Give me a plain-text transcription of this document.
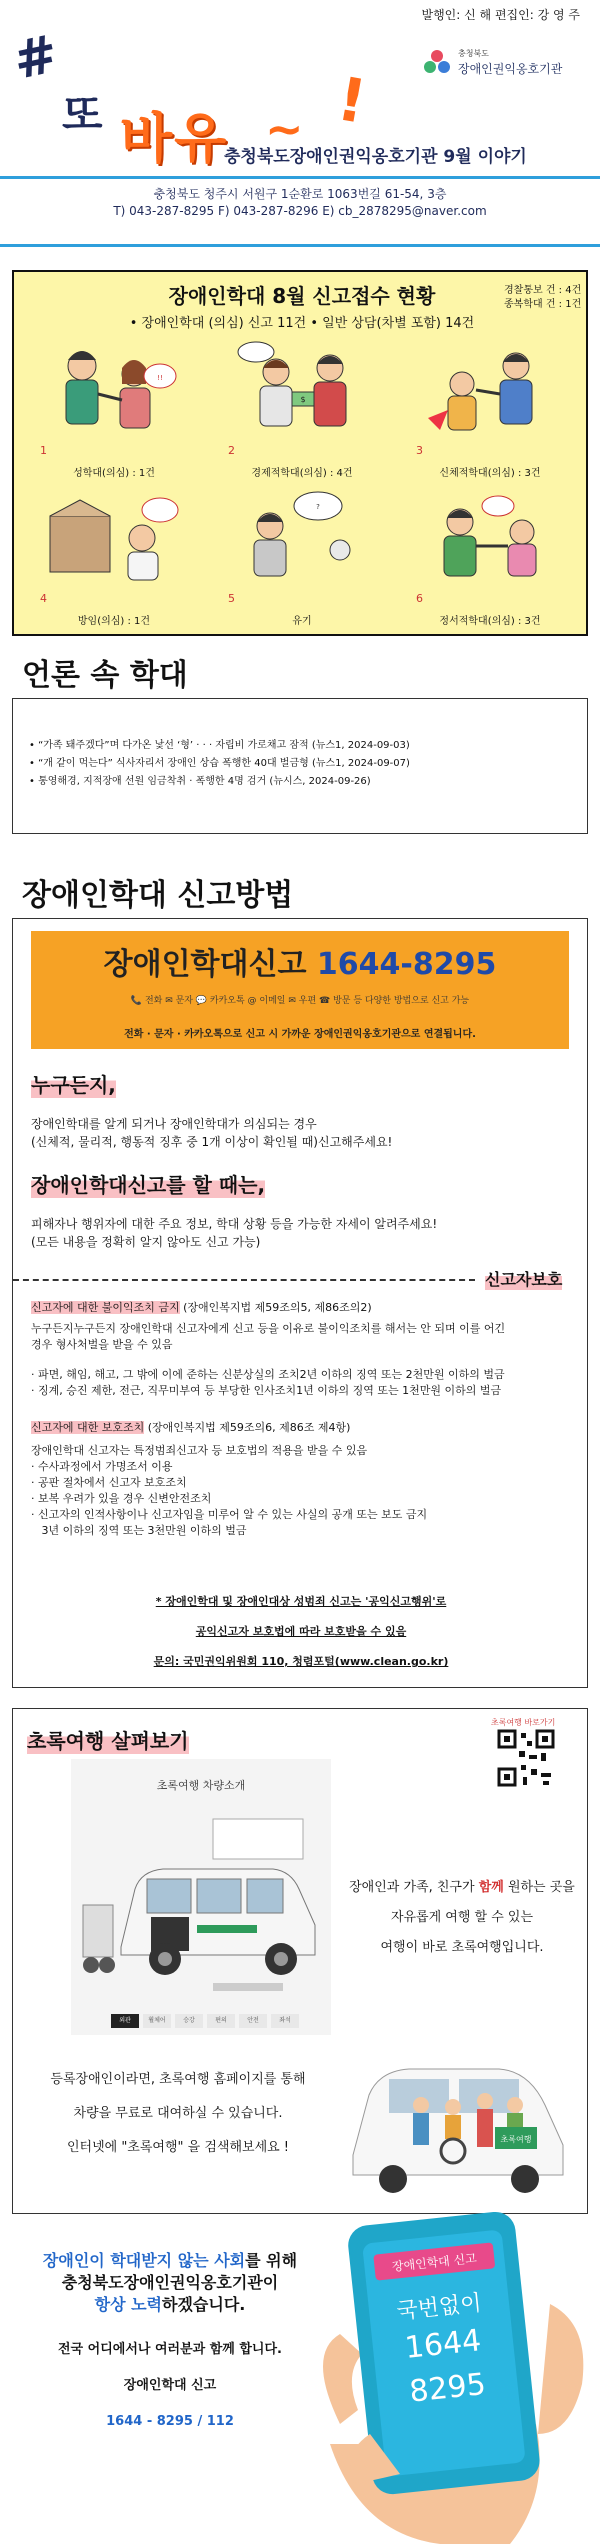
발행인: 신 해 편집인: 강 영 주
#
또 바유 ~ !
충청북도
장애인권익옹호기관
충청북도장애인권익옹호기관 9월 이야기
충청북도 청주시 서원구 1순환로 1063번길 61-54, 3층
T) 043-287-8295 F) 043-287-8296 E) cb_2878295@naver.com
장애인학대 8월 신고접수 현황	경찰통보 건 : 4건
종복학대 건 : 1건
• 장애인학대 (의심) 신고 11건 • 일반 상담(차별 포함) 14건
!!
1
성학대(의심) : 1건
$
2
경제적학대(의심) : 4건
3
신체적학대(의심) : 3건
4
방임(의심) : 1건
?
5
유기
6
정서적학대(의심) : 3건
언론 속 학대
• “가족 돼주겠다”며 다가온 낯선 ‘형’ · · · 자립비 가로채고 잠적 (뉴스1, 2024-09-03)
• “개 같이 먹는다” 식사자리서 장애인 상습 폭행한 40대 벌금형 (뉴스1, 2024-09-07)
• 통영해경, 지적장애 선원 임금착취 · 폭행한 4명 검거 (뉴시스, 2024-09-26)
장애인학대 신고방법
장애인학대신고 1644-8295
📞 전화 ✉ 문자 💬 카카오톡 @ 이메일 ✉ 우편 ☎ 방문 등 다양한 방법으로 신고 가능
전화 · 문자 · 카카오톡으로 신고 시 가까운 장애인권익옹호기관으로 연결됩니다.
누구든지,
장애인학대를 알게 되거나 장애인학대가 의심되는 경우
(신체적, 물리적, 행동적 징후 중 1개 이상이 확인될 때)신고해주세요!
장애인학대신고를 할 때는,
피해자나 행위자에 대한 주요 정보, 학대 상황 등을 가능한 자세이 알려주세요!
(모든 내용을 정확히 알지 않아도 신고 가능)
신고자보호
신고자에 대한 불이익조치 금지 (장애인복지법 제59조의5, 제86조의2)
누구든지누구든지 장애인학대 신고자에게 신고 등을 이유로 불이익조치를 해서는 안 되며 이를 어긴
경우 형사처벌을 받을 수 있음
· 파면, 해임, 해고, 그 밖에 이에 준하는 신분상실의 조치2년 이하의 징역 또는 2천만원 이하의 벌금
· 징계, 승진 제한, 전근, 직무미부여 등 부당한 인사조치1년 이하의 징역 또는 1천만원 이하의 벌금
신고자에 대한 보호조치 (장애인복지법 제59조의6, 제86조 제4항)
장애인학대 신고자는 특정범죄신고자 등 보호법의 적용을 받을 수 있음
· 수사과정에서 가명조서 이용
· 공판 절차에서 신고자 보호조치
· 보복 우려가 있을 경우 신변안전조치
· 신고자의 인적사항이나 신고자임을 미루어 알 수 있는 사실의 공개 또는 보도 금지
3년 이하의 징역 또는 3천만원 이하의 벌금
* 장애인학대 및 장애인대상 성범죄 신고는 '공익신고행위'로
공익신고자 보호법에 따라 보호받을 수 있음
문의: 국민권익위원회 110, 청렴포털(www.clean.go.kr)
초록여행 살펴보기
초록여행 바로가기
초록여행 차량소개
외관	휠체어	승강	편의	안전	좌석
장애인과 가족, 친구가 함께 원하는 곳을
자유롭게 여행 할 수 있는
여행이 바로 초록여행입니다.
등록장애인이라면, 초록여행 홈페이지를 통해
차량을 무료로 대여하실 수 있습니다.
인터넷에 "초록여행" 을 검색해보세요 !
초록여행
장애인이 학대받지 않는 사회를 위해
충청북도장애인권익옹호기관이
항상 노력하겠습니다.
전국 어디에서나 여러분과 함께 합니다.
장애인학대 신고
1644 - 8295 / 112
장애인학대 신고
국번없이
1644
8295
